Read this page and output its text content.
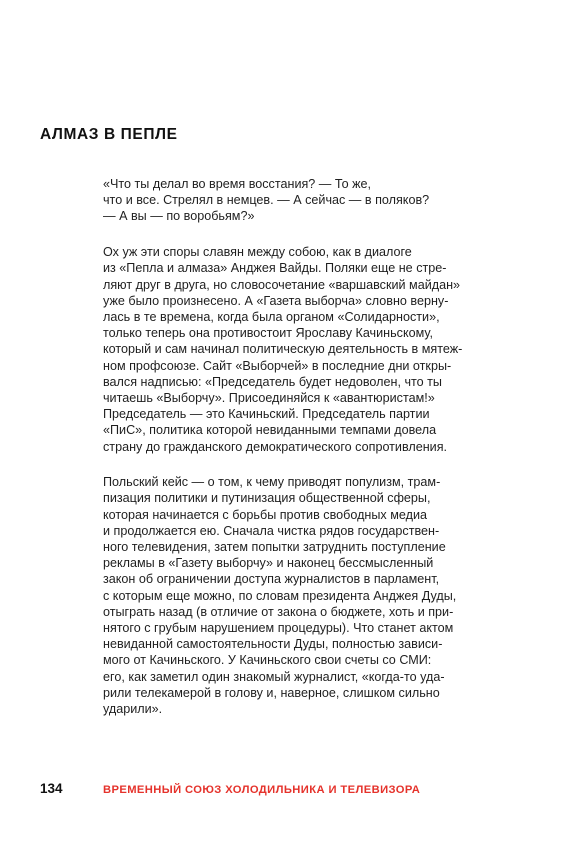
АЛМАЗ В ПЕПЛЕ

«Что ты делал во время восстания? — То же,
что и все. Стрелял в немцев. — А сейчас — в поляков?
— А вы — по воробьям?»

Ох уж эти споры славян между собою, как в диалоге
из «Пепла и алмаза» Анджея Вайды. Поляки еще не стре-
ляют друг в друга, но словосочетание «варшавский майдан»
уже было произнесено. А «Газета выборча» словно верну-
лась в те времена, когда была органом «Солидарности»,
только теперь она противостоит Ярославу Качиньскому,
который и сам начинал политическую деятельность в мятеж-
ном профсоюзе. Сайт «Выборчей» в последние дни откры-
вался надписью: «Председатель будет недоволен, что ты
читаешь «Выборчу». Присоединяйся к «авантюристам!»
Председатель — это Качиньский. Председатель партии
«ПиС», политика которой невиданными темпами довела
страну до гражданского демократического сопротивления.

Польский кейс — о том, к чему приводят популизм, трам-
пизация политики и путинизация общественной сферы,
которая начинается с борьбы против свободных медиа
и продолжается ею. Сначала чистка рядов государствен-
ного телевидения, затем попытки затруднить поступление
рекламы в «Газету выборчу» и наконец бессмысленный
закон об ограничении доступа журналистов в парламент,
с которым еще можно, по словам президента Анджея Дуды,
отыграть назад (в отличие от закона о бюджете, хоть и при-
нятого с грубым нарушением процедуры). Что станет актом
невиданной самостоятельности Дуды, полностью зависи-
мого от Качиньского. У Качиньского свои счеты со СМИ:
его, как заметил один знакомый журналист, «когда-то уда-
рили телекамерой в голову и, наверное, слишком сильно
ударили».

134	ВРЕМЕННЫЙ СОЮЗ ХОЛОДИЛЬНИКА И ТЕЛЕВИЗОРА
